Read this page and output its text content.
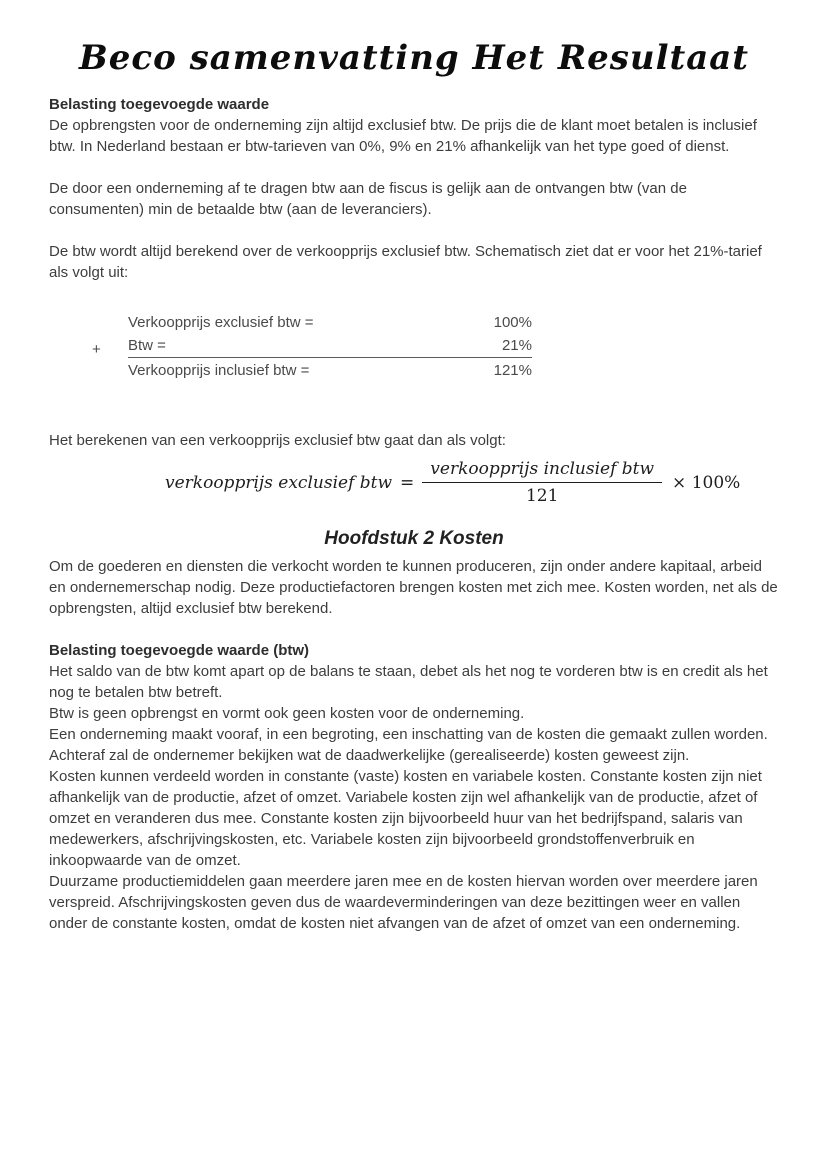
Beco samenvatting Het Resultaat
Belasting toegevoegde waarde

De opbrengsten voor de onderneming zijn altijd exclusief btw. De prijs die de klant moet betalen is inclusief btw. In Nederland bestaan er btw-tarieven van 0%, 9% en 21% afhankelijk van het type goed of dienst.

De door een onderneming af te dragen btw aan de fiscus is gelijk aan de ontvangen btw (van de consumenten) min de betaalde btw (aan de leveranciers).

De btw wordt altijd berekend over de verkoopprijs exclusief btw. Schematisch ziet dat er voor het 21%-tarief als volgt uit:

Verkoopprijs exclusief btw =	100%
+	Btw =	21%
Verkoopprijs inclusief btw =	121%

Het berekenen van een verkoopprijs exclusief btw gaat dan als volgt:

verkoopprijs exclusief btw = $\frac{\text{verkoopprijs inclusief btw}}{121} \times 100\%$
Hoofdstuk 2 Kosten

Om de goederen en diensten die verkocht worden te kunnen produceren, zijn onder andere kapitaal, arbeid en ondernemerschap nodig. Deze productiefactoren brengen kosten met zich mee. Kosten worden, net als de opbrengsten, altijd exclusief btw berekend.

Belasting toegevoegde waarde (btw)

Het saldo van de btw komt apart op de balans te staan, debet als het nog te vorderen btw is en credit als het nog te betalen btw betreft.

Btw is geen opbrengst en vormt ook geen kosten voor de onderneming.

Een onderneming maakt vooraf, in een begroting, een inschatting van de kosten die gemaakt zullen worden. Achteraf zal de ondernemer bekijken wat de daadwerkelijke (gerealiseerde) kosten geweest zijn.

Kosten kunnen verdeeld worden in constante (vaste) kosten en variabele kosten. Constante kosten zijn niet afhankelijk van de productie, afzet of omzet. Variabele kosten zijn wel afhankelijk van de productie, afzet of omzet en veranderen dus mee. Constante kosten zijn bijvoorbeeld huur van het bedrijfspand, salaris van medewerkers, afschrijvingskosten, etc. Variabele kosten zijn bijvoorbeeld grondstoffenverbruik en inkoopwaarde van de omzet.

Duurzame productiemiddelen gaan meerdere jaren mee en de kosten hiervan worden over meerdere jaren verspreid. Afschrijvingskosten geven dus de waardeverminderingen van deze bezittingen weer en vallen onder de constante kosten, omdat de kosten niet afvangen van de afzet of omzet van een onderneming.
